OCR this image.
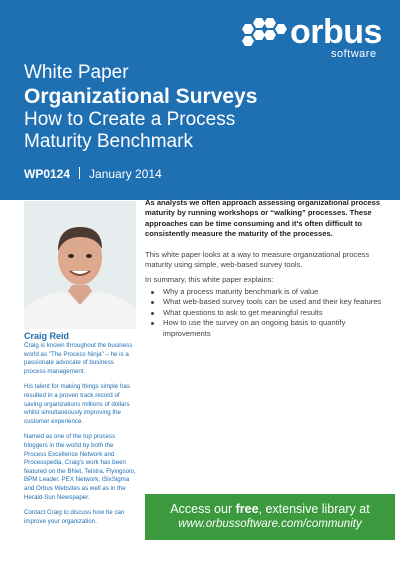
orbus
software
White Paper
Organizational Surveys
How to Create a Process
Maturity Benchmark
WP0124 January 2014
Craig Reid

Craig is known throughout the business world as "The Process Ninja" – he is a passionate advocate of business process management.

His talent for making things simple has resulted in a proven track record of saving organizations millions of dollars whilst simultaneously improving the customer experience.

Named as one of the top process bloggers in the world by both the Process Excellence Network and Processpedia, Craig's work has been featured on the BNet, Telstra, Flyingsolo, BPM Leader, PEX Network, iSixSigma and Orbus Websites as well as in the Herald-Sun Newspaper.

Contact Craig to discuss how he can improve your organization.

As analysts we often approach assessing organizational process maturity by running workshops or “walking” processes. These approaches can be time consuming and it's often difficult to consistently measure the maturity of the processes.

This white paper looks at a way to measure organizational process maturity using simple, web-based survey tools.

In summary, this white paper explains:

Why a process maturity benchmark is of value
What web-based survey tools can be used and their key features
What questions to ask to get meaningful results
How to use the survey on an ongoing basis to quantify improvements
Access our free, extensive library at
www.orbussoftware.com/community
